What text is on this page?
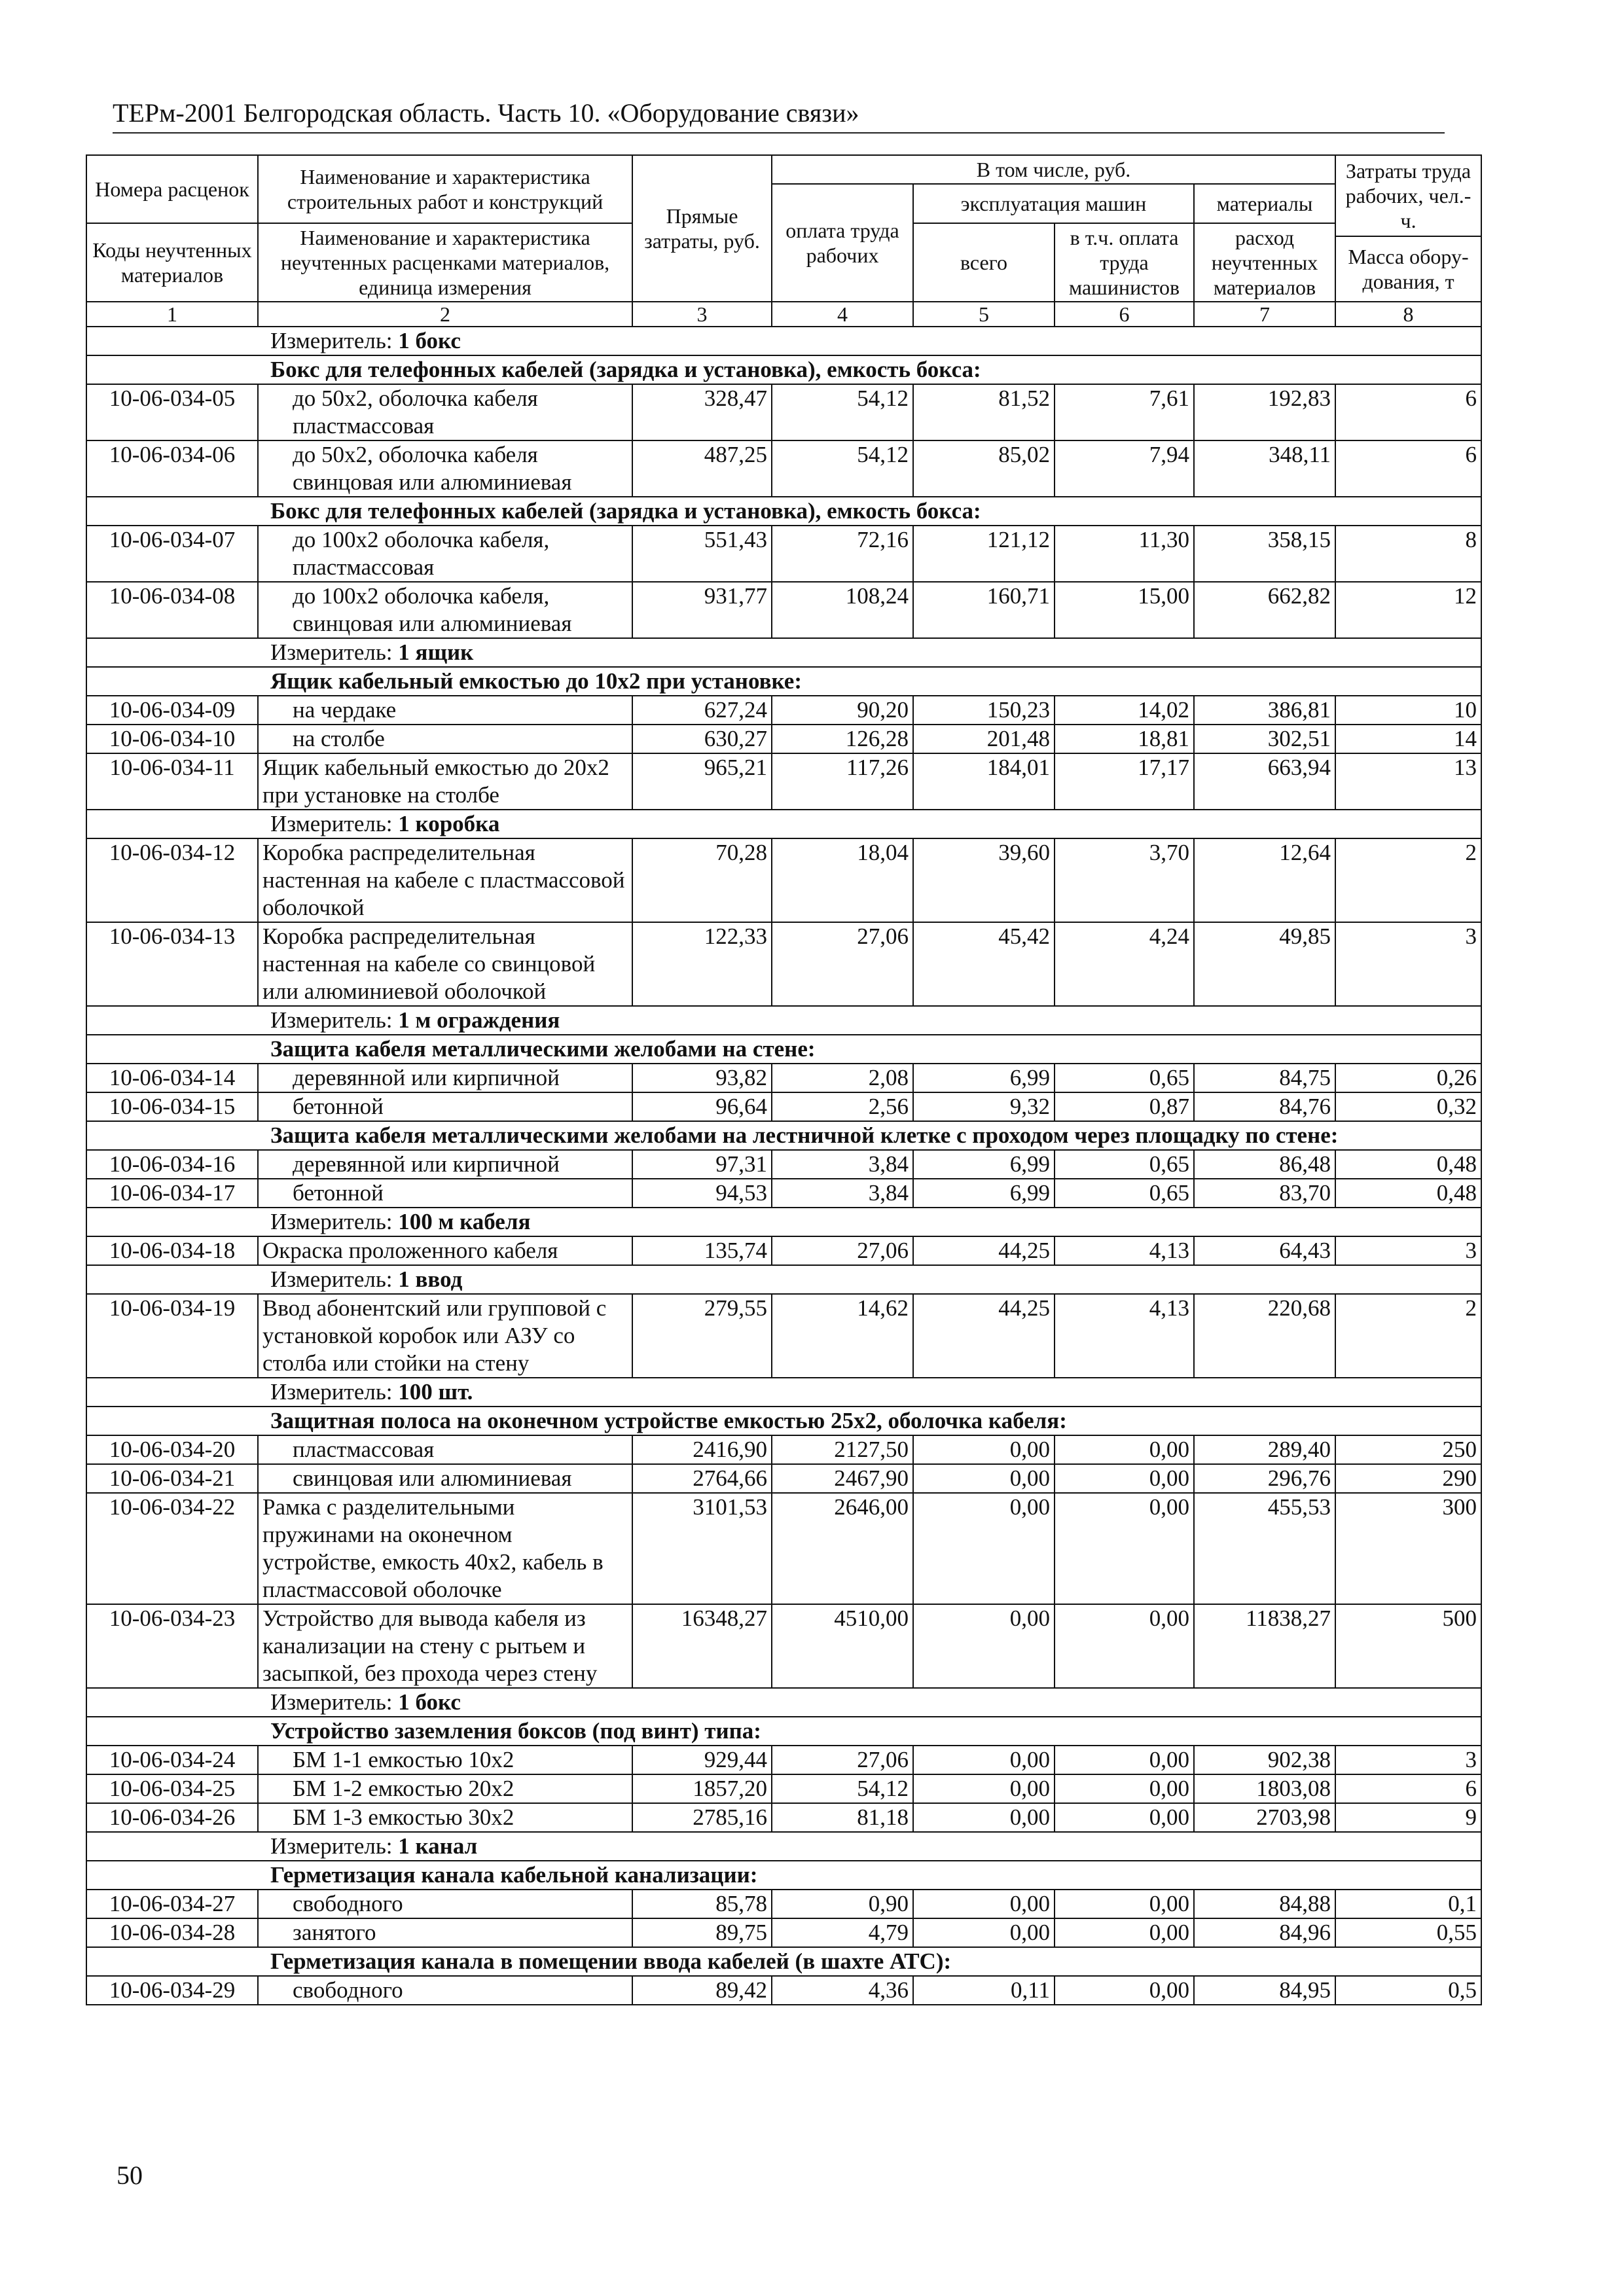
ТЕРм-2001 Белгородская область. Часть 10. «Оборудование связи»
Номера расценок	Наименование и характеристика строительных работ и конструкций	Прямые затраты, руб.	В том числе, руб.				Затраты труда рабочих, чел.-ч.
			оплата труда рабочих	эксплуатация машин		материалы	
Коды неучтенных материалов	Наименование и характеристика неучтенных расценками материалов, единица измерения			всего	в т.ч. оплата труда машинистов	расход неучтенных материалов	
							Масса обору-дования, т
1	2	3	4	5	6	7	8
Измеритель: 1 бокс							
Бокс для телефонных кабелей (зарядка и установка), емкость бокса:							
10-06-034-05	до 50х2, оболочка кабеля пластмассовая	328,47	54,12	81,52	7,61	192,83	6
10-06-034-06	до 50х2, оболочка кабеля свинцовая или алюминиевая	487,25	54,12	85,02	7,94	348,11	6
Бокс для телефонных кабелей (зарядка и установка), емкость бокса:							
10-06-034-07	до 100х2 оболочка кабеля, пластмассовая	551,43	72,16	121,12	11,30	358,15	8
10-06-034-08	до 100х2 оболочка кабеля, свинцовая или алюминиевая	931,77	108,24	160,71	15,00	662,82	12
Измеритель: 1 ящик							
Ящик кабельный емкостью до 10х2 при установке:							
10-06-034-09	на чердаке	627,24	90,20	150,23	14,02	386,81	10
10-06-034-10	на столбе	630,27	126,28	201,48	18,81	302,51	14
10-06-034-11	Ящик кабельный емкостью до 20х2 при установке на столбе	965,21	117,26	184,01	17,17	663,94	13
Измеритель: 1 коробка							
10-06-034-12	Коробка распределительная настенная на кабеле с пластмассовой оболочкой	70,28	18,04	39,60	3,70	12,64	2
10-06-034-13	Коробка распределительная настенная на кабеле со свинцовой или алюминиевой оболочкой	122,33	27,06	45,42	4,24	49,85	3
Измеритель: 1 м ограждения							
Защита кабеля металлическими желобами на стене:							
10-06-034-14	деревянной или кирпичной	93,82	2,08	6,99	0,65	84,75	0,26
10-06-034-15	бетонной	96,64	2,56	9,32	0,87	84,76	0,32
Защита кабеля металлическими желобами на лестничной клетке с проходом через площадку по стене:							
10-06-034-16	деревянной или кирпичной	97,31	3,84	6,99	0,65	86,48	0,48
10-06-034-17	бетонной	94,53	3,84	6,99	0,65	83,70	0,48
Измеритель: 100 м кабеля							
10-06-034-18	Окраска проложенного кабеля	135,74	27,06	44,25	4,13	64,43	3
Измеритель: 1 ввод							
10-06-034-19	Ввод абонентский или групповой с установкой коробок или АЗУ со столба или стойки на стену	279,55	14,62	44,25	4,13	220,68	2
Измеритель: 100 шт.							
Защитная полоса на оконечном устройстве емкостью 25х2, оболочка кабеля:							
10-06-034-20	пластмассовая	2416,90	2127,50	0,00	0,00	289,40	250
10-06-034-21	свинцовая или алюминиевая	2764,66	2467,90	0,00	0,00	296,76	290
10-06-034-22	Рамка с разделительными пружинами на оконечном устройстве, емкость 40х2, кабель в пластмассовой оболочке	3101,53	2646,00	0,00	0,00	455,53	300
10-06-034-23	Устройство для вывода кабеля из канализации на стену с рытьем и засыпкой, без прохода через стену	16348,27	4510,00	0,00	0,00	11838,27	500
Измеритель: 1 бокс							
Устройство заземления боксов (под винт) типа:							
10-06-034-24	БМ 1-1 емкостью 10х2	929,44	27,06	0,00	0,00	902,38	3
10-06-034-25	БМ 1-2 емкостью 20х2	1857,20	54,12	0,00	0,00	1803,08	6
10-06-034-26	БМ 1-3 емкостью 30х2	2785,16	81,18	0,00	0,00	2703,98	9
Измеритель: 1 канал							
Герметизация канала кабельной канализации:							
10-06-034-27	свободного	85,78	0,90	0,00	0,00	84,88	0,1
10-06-034-28	занятого	89,75	4,79	0,00	0,00	84,96	0,55
Герметизация канала в помещении ввода кабелей (в шахте АТС):							
10-06-034-29	свободного	89,42	4,36	0,11	0,00	84,95	0,5
50
